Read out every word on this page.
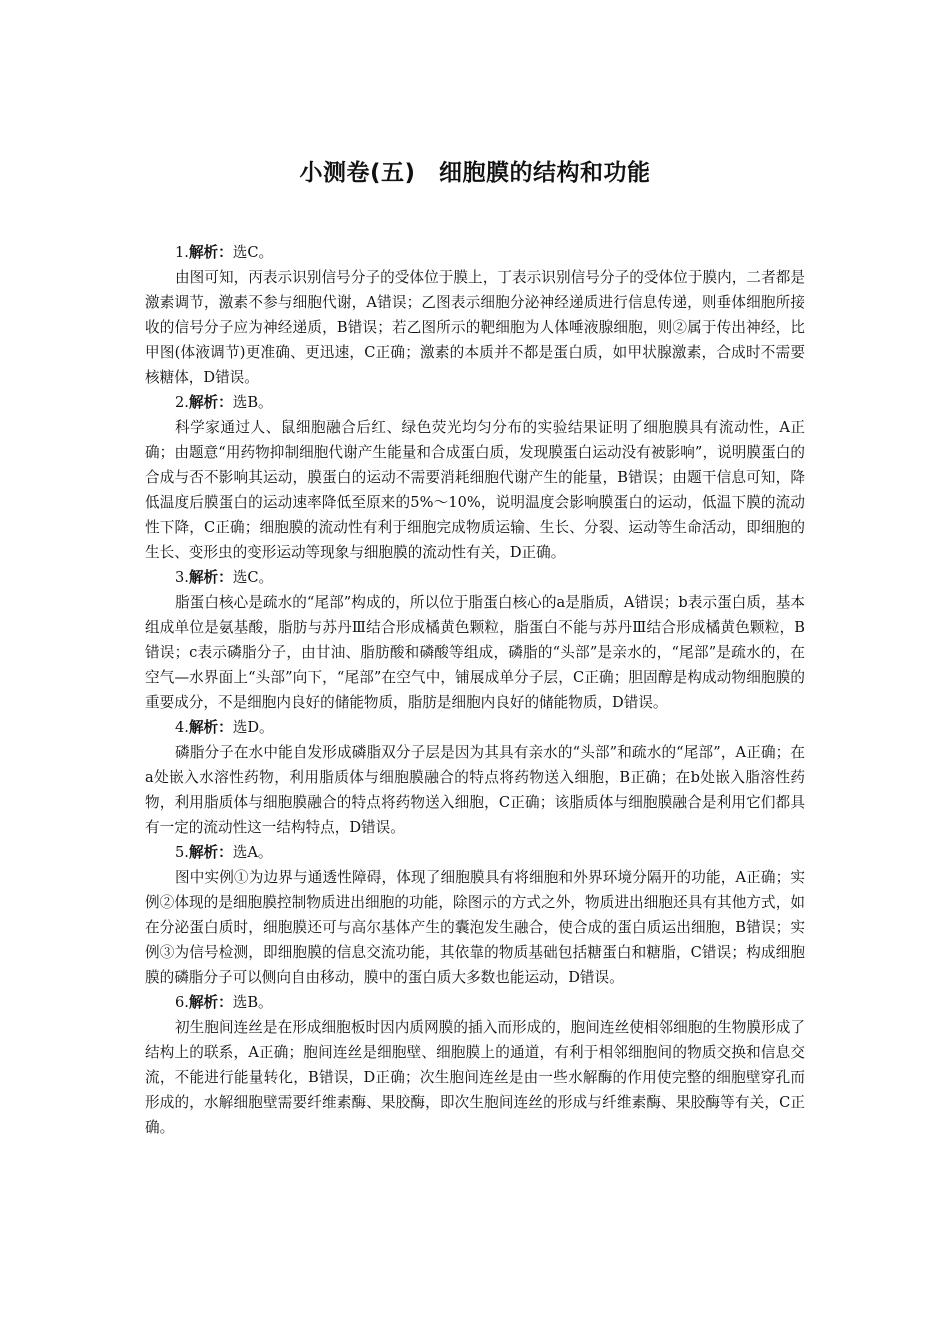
小测卷(五)　细胞膜的结构和功能

1.解析：选C。

由图可知，丙表示识别信号分子的受体位于膜上，丁表示识别信号分子的受体位于膜内，二者都是激素调节，激素不参与细胞代谢，A错误；乙图表示细胞分泌神经递质进行信息传递，则垂体细胞所接收的信号分子应为神经递质，B错误；若乙图所示的靶细胞为人体唾液腺细胞，则②属于传出神经，比甲图(体液调节)更准确、更迅速，C正确；激素的本质并不都是蛋白质，如甲状腺激素，合成时不需要核糖体，D错误。

2.解析：选B。

科学家通过人、鼠细胞融合后红、绿色荧光均匀分布的实验结果证明了细胞膜具有流动性，A正确；由题意“用药物抑制细胞代谢产生能量和合成蛋白质，发现膜蛋白运动没有被影响”，说明膜蛋白的合成与否不影响其运动，膜蛋白的运动不需要消耗细胞代谢产生的能量，B错误；由题干信息可知，降低温度后膜蛋白的运动速率降低至原来的5%～10%，说明温度会影响膜蛋白的运动，低温下膜的流动性下降，C正确；细胞膜的流动性有利于细胞完成物质运输、生长、分裂、运动等生命活动，即细胞的生长、变形虫的变形运动等现象与细胞膜的流动性有关，D正确。

3.解析：选C。

脂蛋白核心是疏水的“尾部”构成的，所以位于脂蛋白核心的a是脂质，A错误；b表示蛋白质，基本组成单位是氨基酸，脂肪与苏丹Ⅲ结合形成橘黄色颗粒，脂蛋白不能与苏丹Ⅲ结合形成橘黄色颗粒，B错误；c表示磷脂分子，由甘油、脂肪酸和磷酸等组成，磷脂的“头部”是亲水的，“尾部”是疏水的，在空气—水界面上“头部”向下，“尾部”在空气中，铺展成单分子层，C正确；胆固醇是构成动物细胞膜的重要成分，不是细胞内良好的储能物质，脂肪是细胞内良好的储能物质，D错误。

4.解析：选D。

磷脂分子在水中能自发形成磷脂双分子层是因为其具有亲水的“头部”和疏水的“尾部”，A正确；在a处嵌入水溶性药物，利用脂质体与细胞膜融合的特点将药物送入细胞，B正确；在b处嵌入脂溶性药物，利用脂质体与细胞膜融合的特点将药物送入细胞，C正确；该脂质体与细胞膜融合是利用它们都具有一定的流动性这一结构特点，D错误。

5.解析：选A。

图中实例①为边界与通透性障碍，体现了细胞膜具有将细胞和外界环境分隔开的功能，A正确；实例②体现的是细胞膜控制物质进出细胞的功能，除图示的方式之外，物质进出细胞还具有其他方式，如在分泌蛋白质时，细胞膜还可与高尔基体产生的囊泡发生融合，使合成的蛋白质运出细胞，B错误；实例③为信号检测，即细胞膜的信息交流功能，其依靠的物质基础包括糖蛋白和糖脂，C错误；构成细胞膜的磷脂分子可以侧向自由移动，膜中的蛋白质大多数也能运动，D错误。

6.解析：选B。

初生胞间连丝是在形成细胞板时因内质网膜的插入而形成的，胞间连丝使相邻细胞的生物膜形成了结构上的联系，A正确；胞间连丝是细胞壁、细胞膜上的通道，有利于相邻细胞间的物质交换和信息交流，不能进行能量转化，B错误，D正确；次生胞间连丝是由一些水解酶的作用使完整的细胞壁穿孔而形成的，水解细胞壁需要纤维素酶、果胶酶，即次生胞间连丝的形成与纤维素酶、果胶酶等有关，C正确。
